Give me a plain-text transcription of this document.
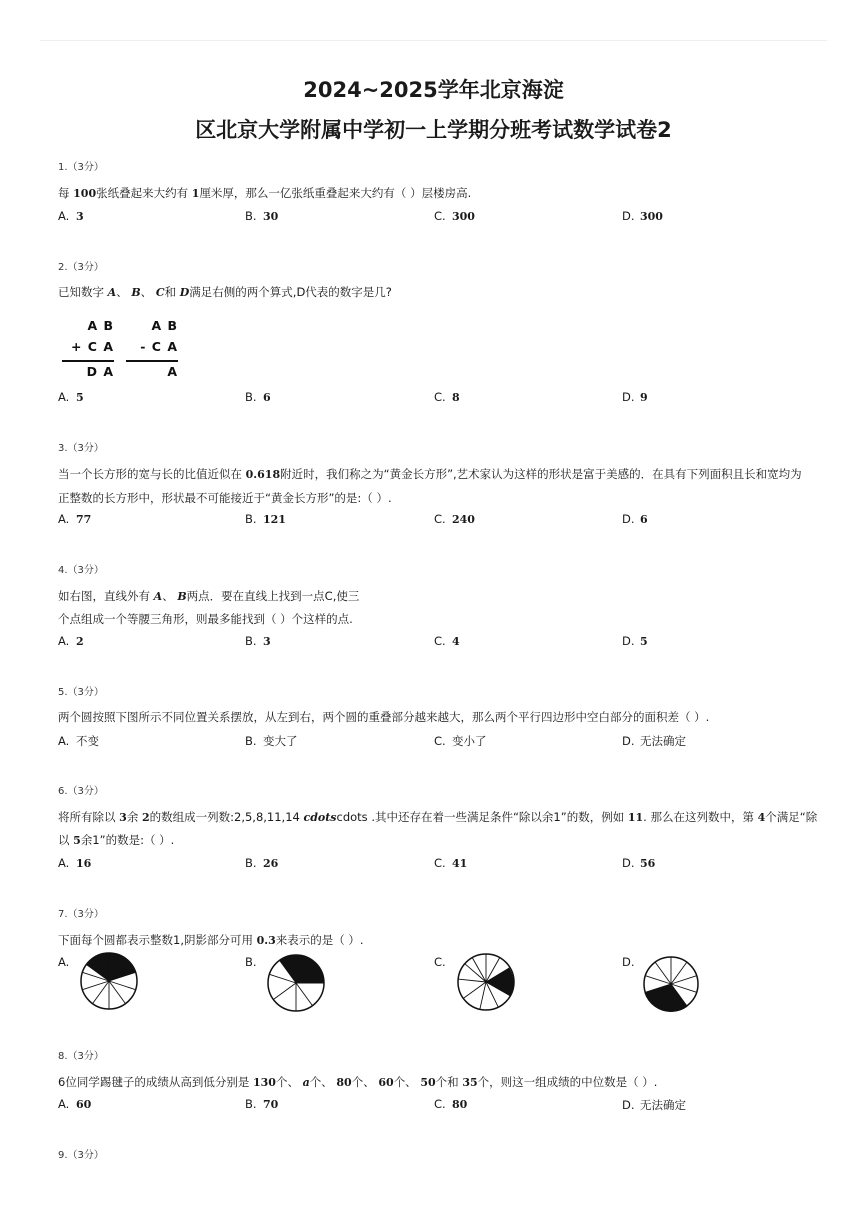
2024~2025学年北京海淀
区北京大学附属中学初一上学期分班考试数学试卷2
1.（3分）
每 100张纸叠起来大约有 1厘米厚，那么一亿张纸重叠起来大约有（ ）层楼房高.
A. 3	B. 30	C. 300	D. 300
2.（3分）
已知数字 A、 B、 C和 D满足右侧的两个算式,D代表的数字是几?
A B
+ C A
D A
A B
- C A
A
A. 5	B. 6	C. 8	D. 9
3.（3分）
当一个长方形的宽与长的比值近似在 0.618附近时，我们称之为“黄金长方形”,艺术家认为这样的形状是富于美感的．在具有下列面积且长和宽均为
正整数的长方形中，形状最不可能接近于“黄金长方形”的是:（ ）.
A. 77	B. 121	C. 240	D. 6
4.（3分）
如右图，直线外有 A、 B两点．要在直线上找到一点C,使三
个点组成一个等腰三角形，则最多能找到（ ）个这样的点.
A. 2	B. 3	C. 4	D. 5
5.（3分）
两个圆按照下图所示不同位置关系摆放，从左到右，两个圆的重叠部分越来越大，那么两个平行四边形中空白部分的面积差（ ）.
A. 不变	B. 变大了	C. 变小了	D. 无法确定
6.（3分）
将所有除以 3余 2的数组成一列数:2,5,8,11,14 cdotscdots .其中还存在着一些满足条件“除以余1”的数，例如 11. 那么在这列数中，第 4个满足“除
以 5余1”的数是:（ ）.
A. 16	B. 26	C. 41	D. 56
7.（3分）
下面每个圆都表示整数1,阴影部分可用 0.3来表示的是（ ）.
A.	B.	C.	D.
8.（3分）
6位同学踢毽子的成绩从高到低分别是 130个、 a个、 80个、 60个、 50个和 35个，则这一组成绩的中位数是（ ）.
A. 60	B. 70	C. 80	D. 无法确定
9.（3分）
